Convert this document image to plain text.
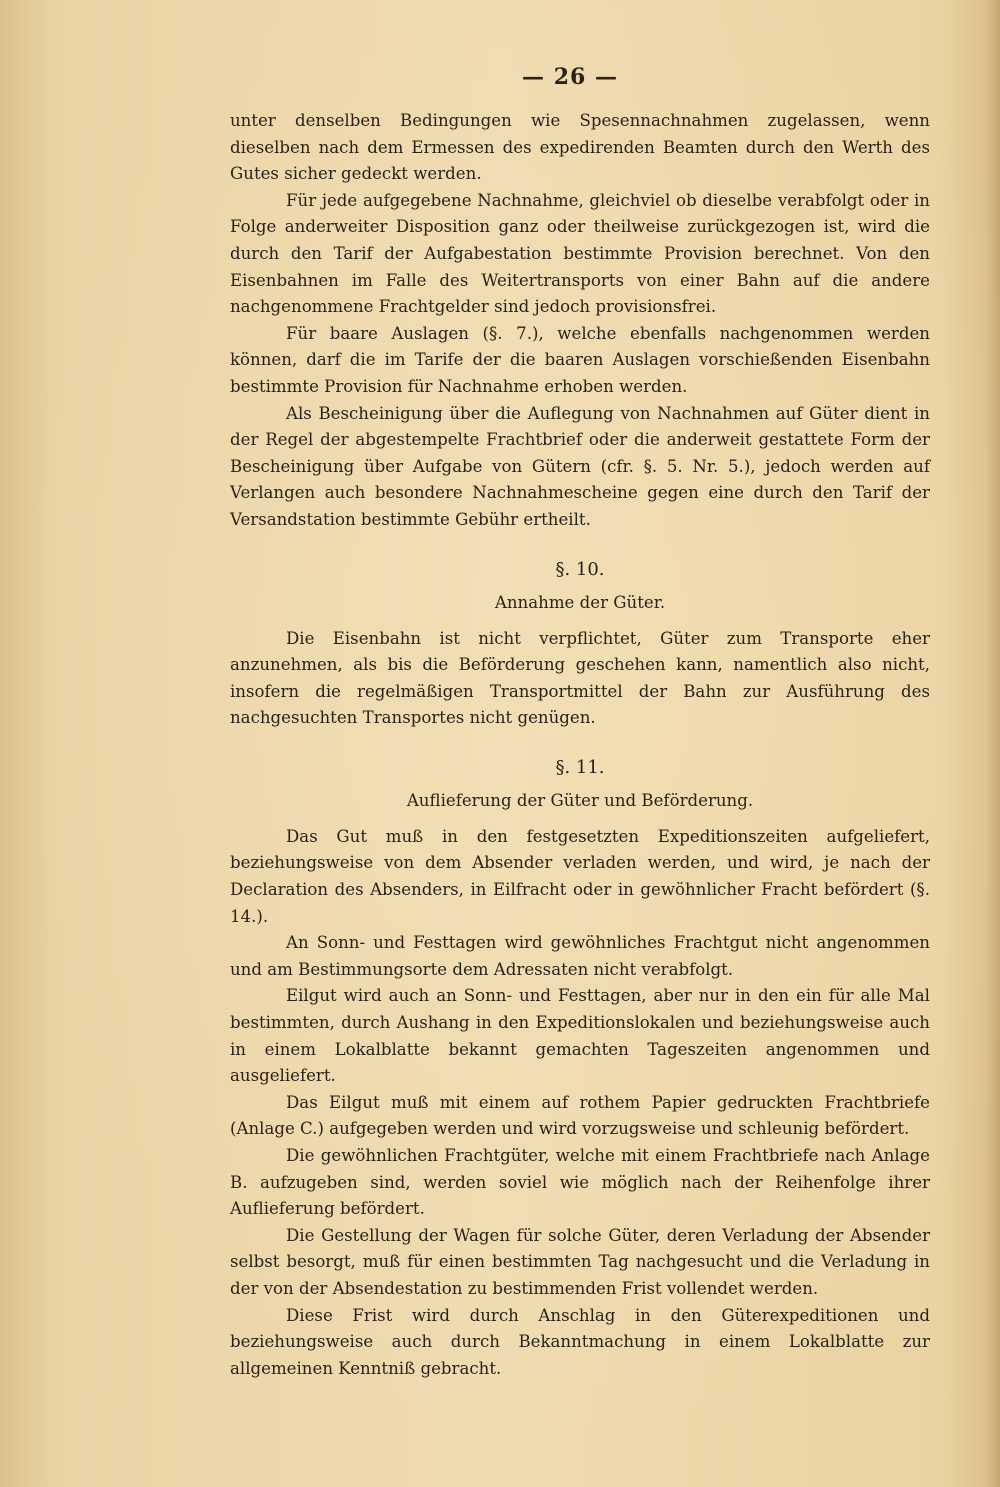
— 26 —

unter denselben Bedingungen wie Spesennachnahmen zugelassen, wenn dieselben nach dem Ermessen des expedirenden Beamten durch den Werth des Gutes sicher gedeckt werden.

Für jede aufgegebene Nachnahme, gleichviel ob dieselbe verabfolgt oder in Folge anderweiter Disposition ganz oder theilweise zurückgezogen ist, wird die durch den Tarif der Aufgabestation bestimmte Provision berechnet. Von den Eisenbahnen im Falle des Weitertransports von einer Bahn auf die andere nachgenommene Frachtgelder sind jedoch provisionsfrei.

Für baare Auslagen (§. 7.), welche ebenfalls nachgenommen werden können, darf die im Tarife der die baaren Auslagen vorschießenden Eisenbahn bestimmte Provision für Nachnahme erhoben werden.

Als Bescheinigung über die Auflegung von Nachnahmen auf Güter dient in der Regel der abgestempelte Frachtbrief oder die anderweit gestattete Form der Bescheinigung über Aufgabe von Gütern (cfr. §. 5. Nr. 5.), jedoch werden auf Verlangen auch besondere Nachnahmescheine gegen eine durch den Tarif der Versandstation bestimmte Gebühr ertheilt.

§. 10.

Annahme der Güter.

Die Eisenbahn ist nicht verpflichtet, Güter zum Transporte eher anzunehmen, als bis die Beförderung geschehen kann, namentlich also nicht, insofern die regelmäßigen Transportmittel der Bahn zur Ausführung des nachgesuchten Transportes nicht genügen.

§. 11.

Auflieferung der Güter und Beförderung.

Das Gut muß in den festgesetzten Expeditionszeiten aufgeliefert, beziehungsweise von dem Absender verladen werden, und wird, je nach der Declaration des Absenders, in Eilfracht oder in gewöhnlicher Fracht befördert (§. 14.).

An Sonn- und Festtagen wird gewöhnliches Frachtgut nicht angenommen und am Bestimmungsorte dem Adressaten nicht verabfolgt.

Eilgut wird auch an Sonn- und Festtagen, aber nur in den ein für alle Mal bestimmten, durch Aushang in den Expeditionslokalen und beziehungsweise auch in einem Lokalblatte bekannt gemachten Tageszeiten angenommen und ausgeliefert.

Das Eilgut muß mit einem auf rothem Papier gedruckten Frachtbriefe (Anlage C.) aufgegeben werden und wird vorzugsweise und schleunig befördert.

Die gewöhnlichen Frachtgüter, welche mit einem Frachtbriefe nach Anlage B. aufzugeben sind, werden soviel wie möglich nach der Reihenfolge ihrer Auflieferung befördert.

Die Gestellung der Wagen für solche Güter, deren Verladung der Absender selbst besorgt, muß für einen bestimmten Tag nachgesucht und die Verladung in der von der Absendestation zu bestimmenden Frist vollendet werden.

Diese Frist wird durch Anschlag in den Güterexpeditionen und beziehungsweise auch durch Bekanntmachung in einem Lokalblatte zur allgemeinen Kenntniß gebracht.
